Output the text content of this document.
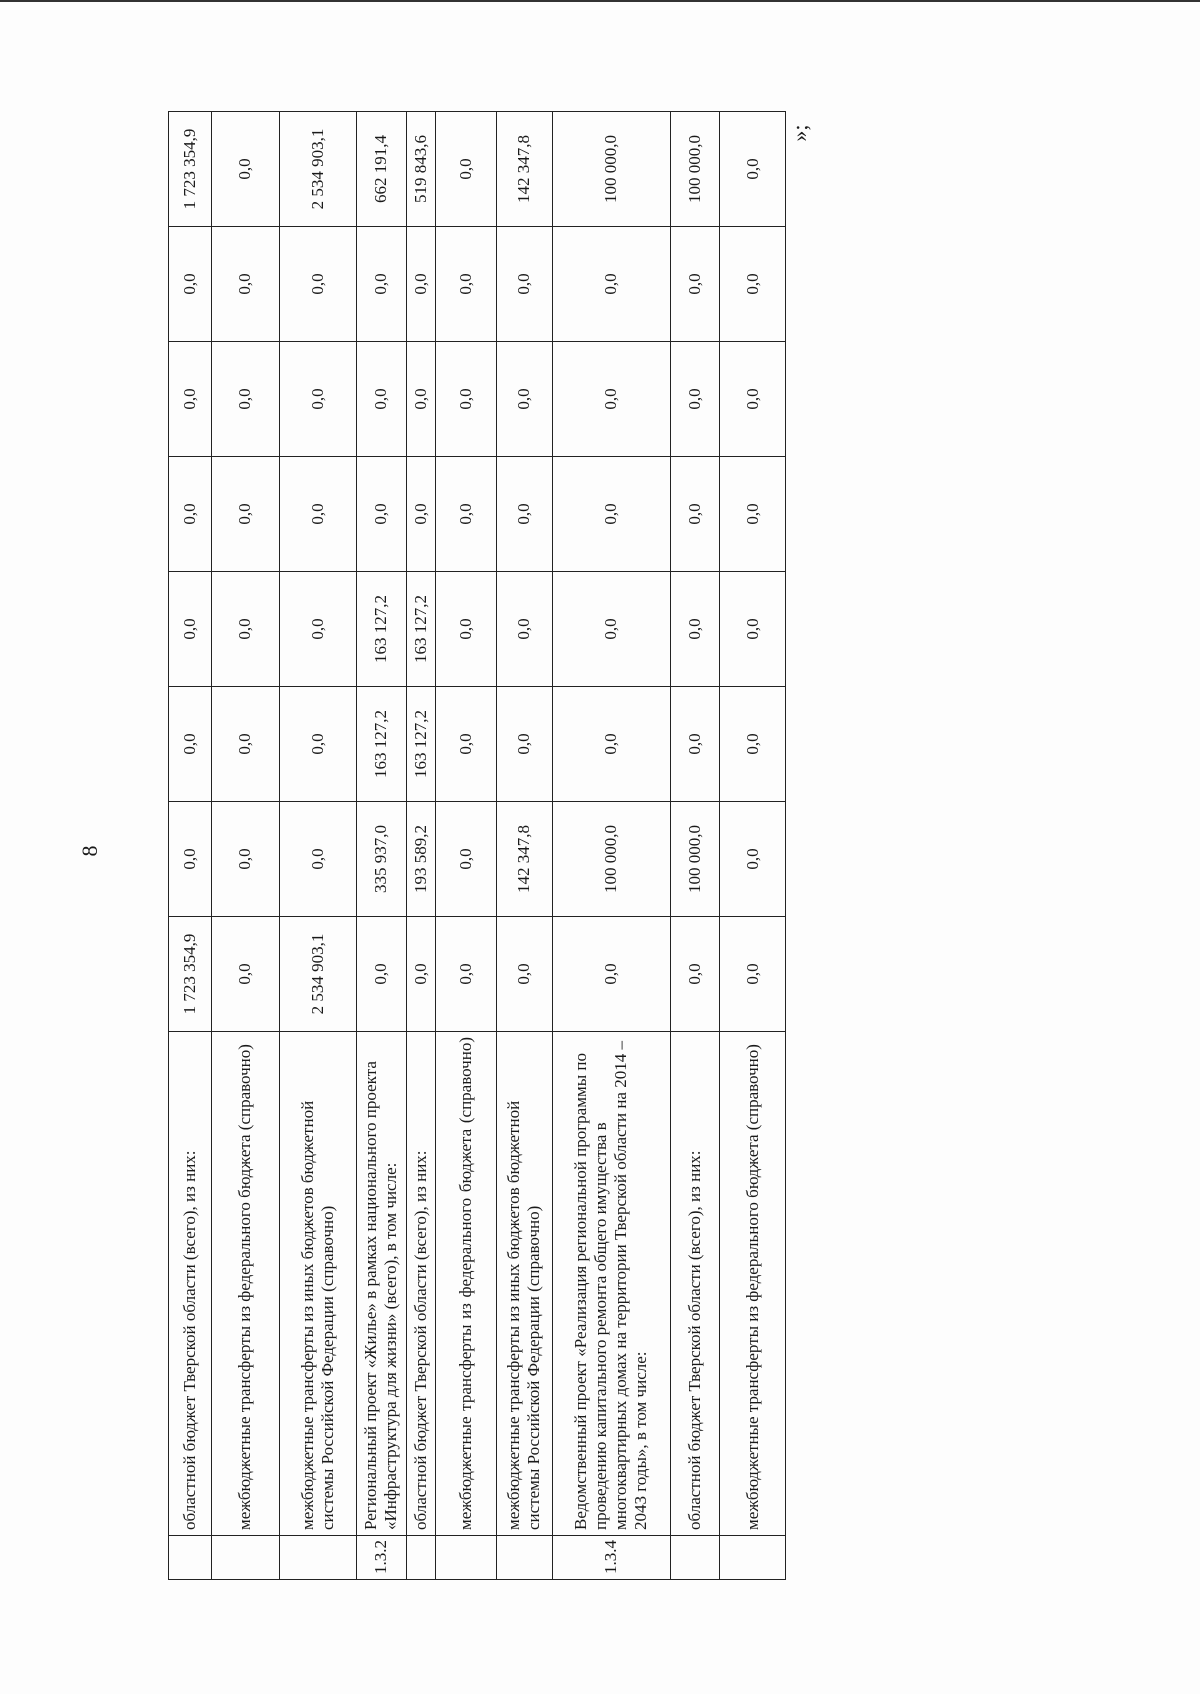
8
»;
	областной бюджет Тверской области (всего), из них:	1 723 354,9	0,0	0,0	0,0	0,0	0,0	0,0	1 723 354,9
	межбюджетные трансферты из федерального бюджета (справочно)	0,0	0,0	0,0	0,0	0,0	0,0	0,0	0,0
	межбюджетные трансферты из иных бюджетов бюджетной системы Российской Федерации (справочно)	2 534 903,1	0,0	0,0	0,0	0,0	0,0	0,0	2 534 903,1
1.3.2	Региональный проект «Жилье» в рамках национального проекта «Инфраструктура для жизни» (всего), в том числе:	0,0	335 937,0	163 127,2	163 127,2	0,0	0,0	0,0	662 191,4
	областной бюджет Тверской области (всего), из них:	0,0	193 589,2	163 127,2	163 127,2	0,0	0,0	0,0	519 843,6
	межбюджетные трансферты из федерального бюджета (справочно)	0,0	0,0	0,0	0,0	0,0	0,0	0,0	0,0
	межбюджетные трансферты из иных бюджетов бюджетной системы Российской Федерации (справочно)	0,0	142 347,8	0,0	0,0	0,0	0,0	0,0	142 347,8
1.3.4	Ведомственный проект «Реализация региональной программы по проведению капитального ремонта общего имущества в многоквартирных домах на территории Тверской области на 2014 – 2043 годы», в том числе:	0,0	100 000,0	0,0	0,0	0,0	0,0	0,0	100 000,0
	областной бюджет Тверской области (всего), из них:	0,0	100 000,0	0,0	0,0	0,0	0,0	0,0	100 000,0
	межбюджетные трансферты из федерального бюджета (справочно)	0,0	0,0	0,0	0,0	0,0	0,0	0,0	0,0
